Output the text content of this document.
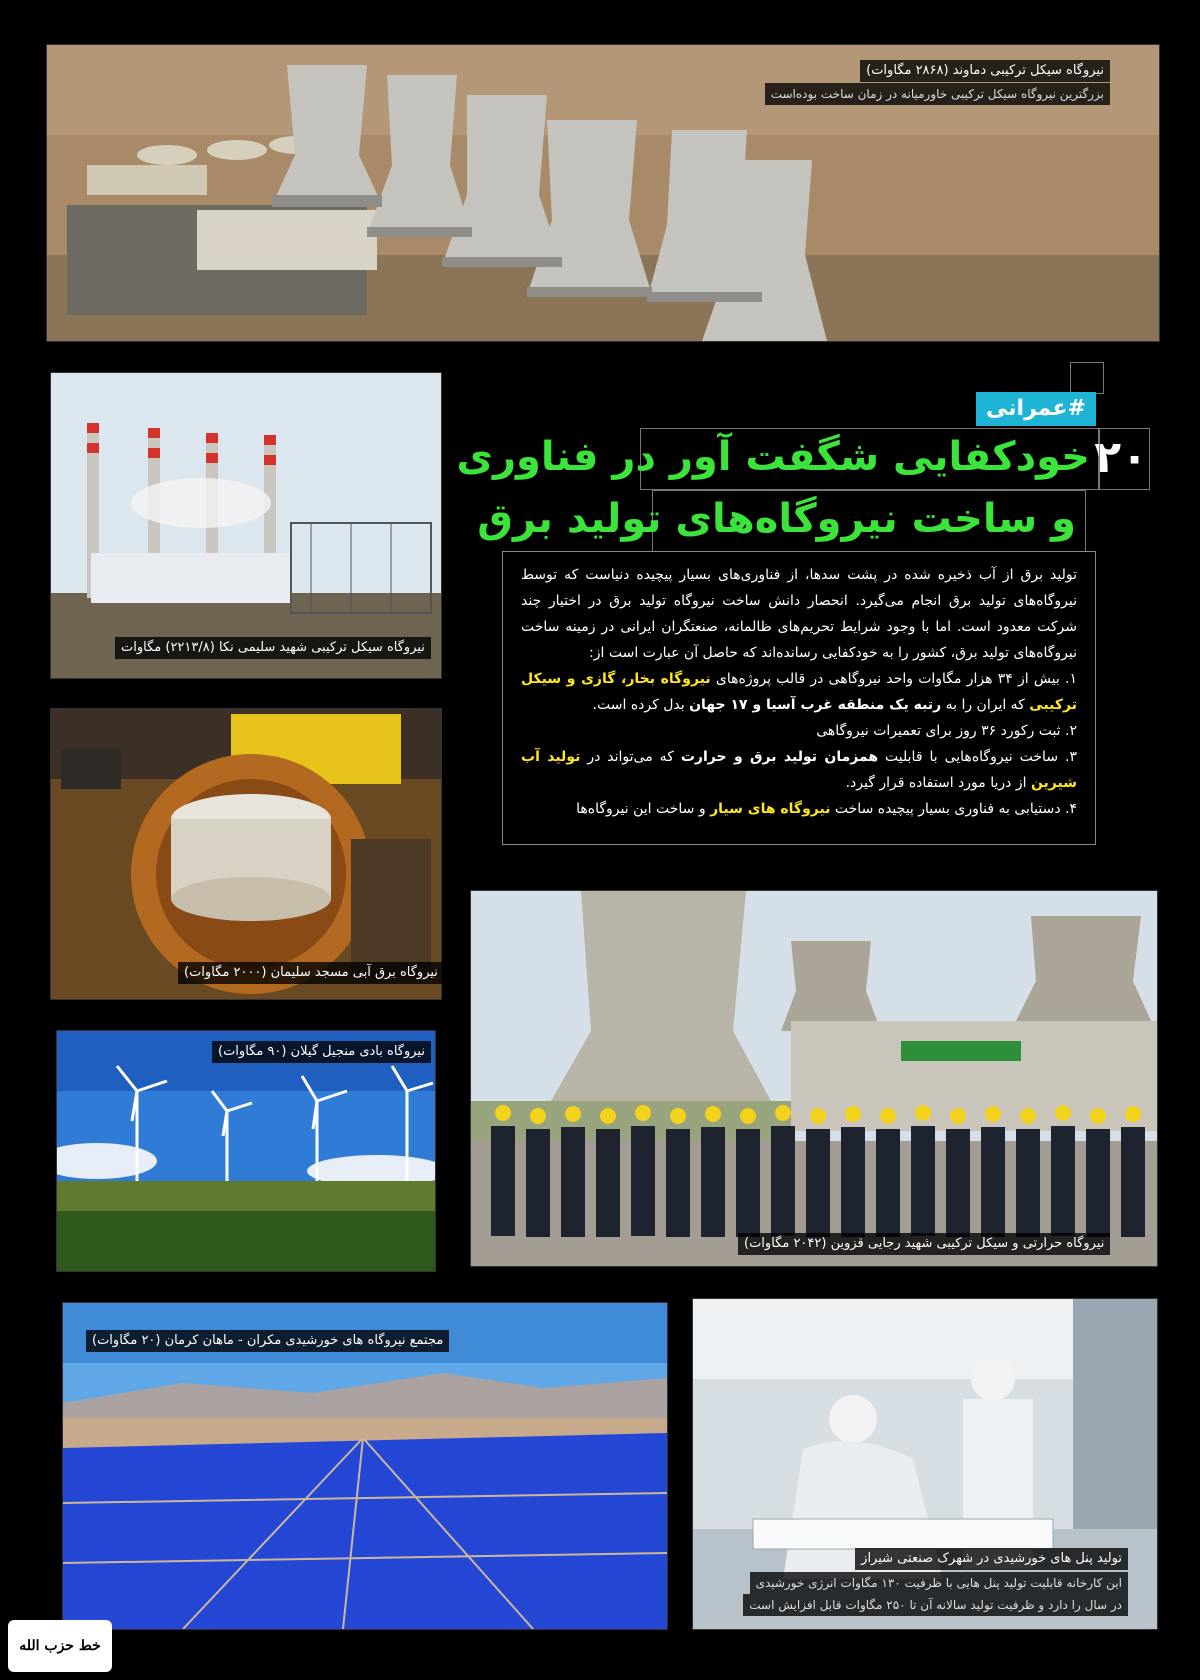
نیروگاه سیکل ترکیبی دماوند (۲۸۶۸ مگاوات)
بزرگترین نیروگاه سیکل ترکیبی خاورمیانه در زمان ساخت بوده‌است
نیروگاه سیکل ترکیبی شهید سلیمی نکا (۲۲۱۳/۸) مگاوات
نیروگاه برق آبی مسجد سلیمان (۲۰۰۰ مگاوات)
نیروگاه بادی منجیل گیلان (۹۰ مگاوات)
#عمرانی
۲۰
خودکفایی شگفت آور در فناوری
و ساخت نیروگاه‌های تولید برق

تولید برق از آب ذخیره شده در پشت سدها، از فناوری‌های بسیار پیچیده دنیاست که توسط نیروگاه‌های تولید برق انجام می‌گیرد. انحصار دانش ساخت نیروگاه تولید برق در اختیار چند شرکت معدود است. اما با وجود شرایط تحریم‌های ظالمانه، صنعتگران ایرانی در زمینه ساخت نیروگاه‌های تولید برق، کشور را به خودکفایی رسانده‌اند که حاصل آن عبارت است از:

۱. بیش از ۳۴ هزار مگاوات واحد نیروگاهی در قالب پروژه‌های نیروگاه بخار، گازی و سیکل ترکیبی که ایران را به رتبه یک منطقه غرب آسیا و ۱۷ جهان بدل کرده است.

۲. ثبت رکورد ۳۶ روز برای تعمیرات نیروگاهی

۳. ساخت نیروگاه‌هایی با قابلیت همزمان تولید برق و حرارت که می‌تواند در تولید آب شیرین از دریا مورد استفاده قرار گیرد.

۴. دستیابی به فناوری بسیار پیچیده ساخت نیروگاه های سیار و ساخت این نیروگاه‌ها

نیروگاه حرارتی و سیکل ترکیبی شهید رجایی قزوین (۲۰۴۲ مگاوات)
مجتمع نیروگاه های خورشیدی مکران - ماهان کرمان (۲۰ مگاوات)
تولید پنل های خورشیدی در شهرک صنعتی شیراز
این کارخانه قابلیت تولید پنل هایی با ظرفیت ۱۳۰ مگاوات انرژی خورشیدی
در سال را دارد و ظرفیت تولید سالانه آن تا ۲۵۰ مگاوات قابل افزایش است
خط حزب الله
